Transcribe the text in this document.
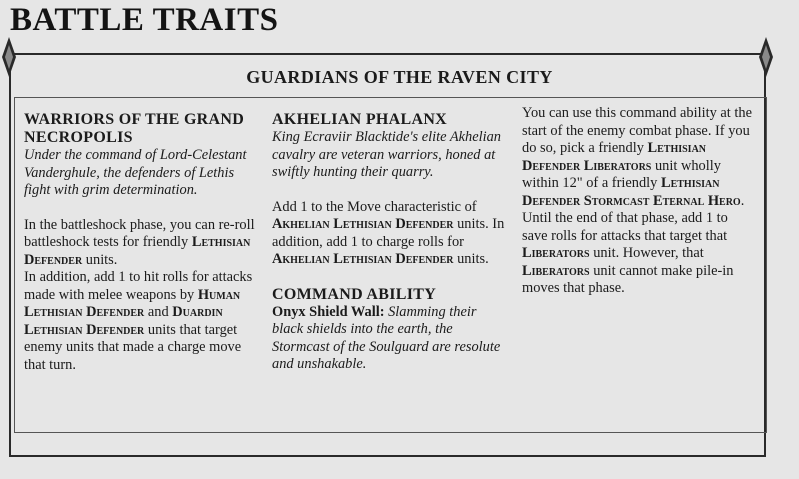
BATTLE TRAITS
GUARDIANS OF THE RAVEN CITY
WARRIORS OF THE GRAND NECROPOLIS

Under the command of Lord-Celestant Vanderghule, the defenders of Lethis fight with grim determination.

In the battleshock phase, you can re-roll battleshock tests for friendly Lethisian Defender units.

In addition, add 1 to hit rolls for attacks made with melee weapons by Human Lethisian Defender and Duardin Lethisian Defender units that target enemy units that made a charge move that turn.

AKHELIAN PHALANX

King Ecraviir Blacktide's elite Akhelian cavalry are veteran warriors, honed at swiftly hunting their quarry.

Add 1 to the Move characteristic of Akhelian Lethisian Defender units. In addition, add 1 to charge rolls for Akhelian Lethisian Defender units.

COMMAND ABILITY

Onyx Shield Wall: Slamming their black shields into the earth, the Stormcast of the Soulguard are resolute and unshakable.

You can use this command ability at the start of the enemy combat phase. If you do so, pick a friendly Lethisian Defender Liberators unit wholly within 12" of a friendly Lethisian Defender Stormcast Eternal Hero. Until the end of that phase, add 1 to save rolls for attacks that target that Liberators unit. However, that Liberators unit cannot make pile-in moves that phase.
